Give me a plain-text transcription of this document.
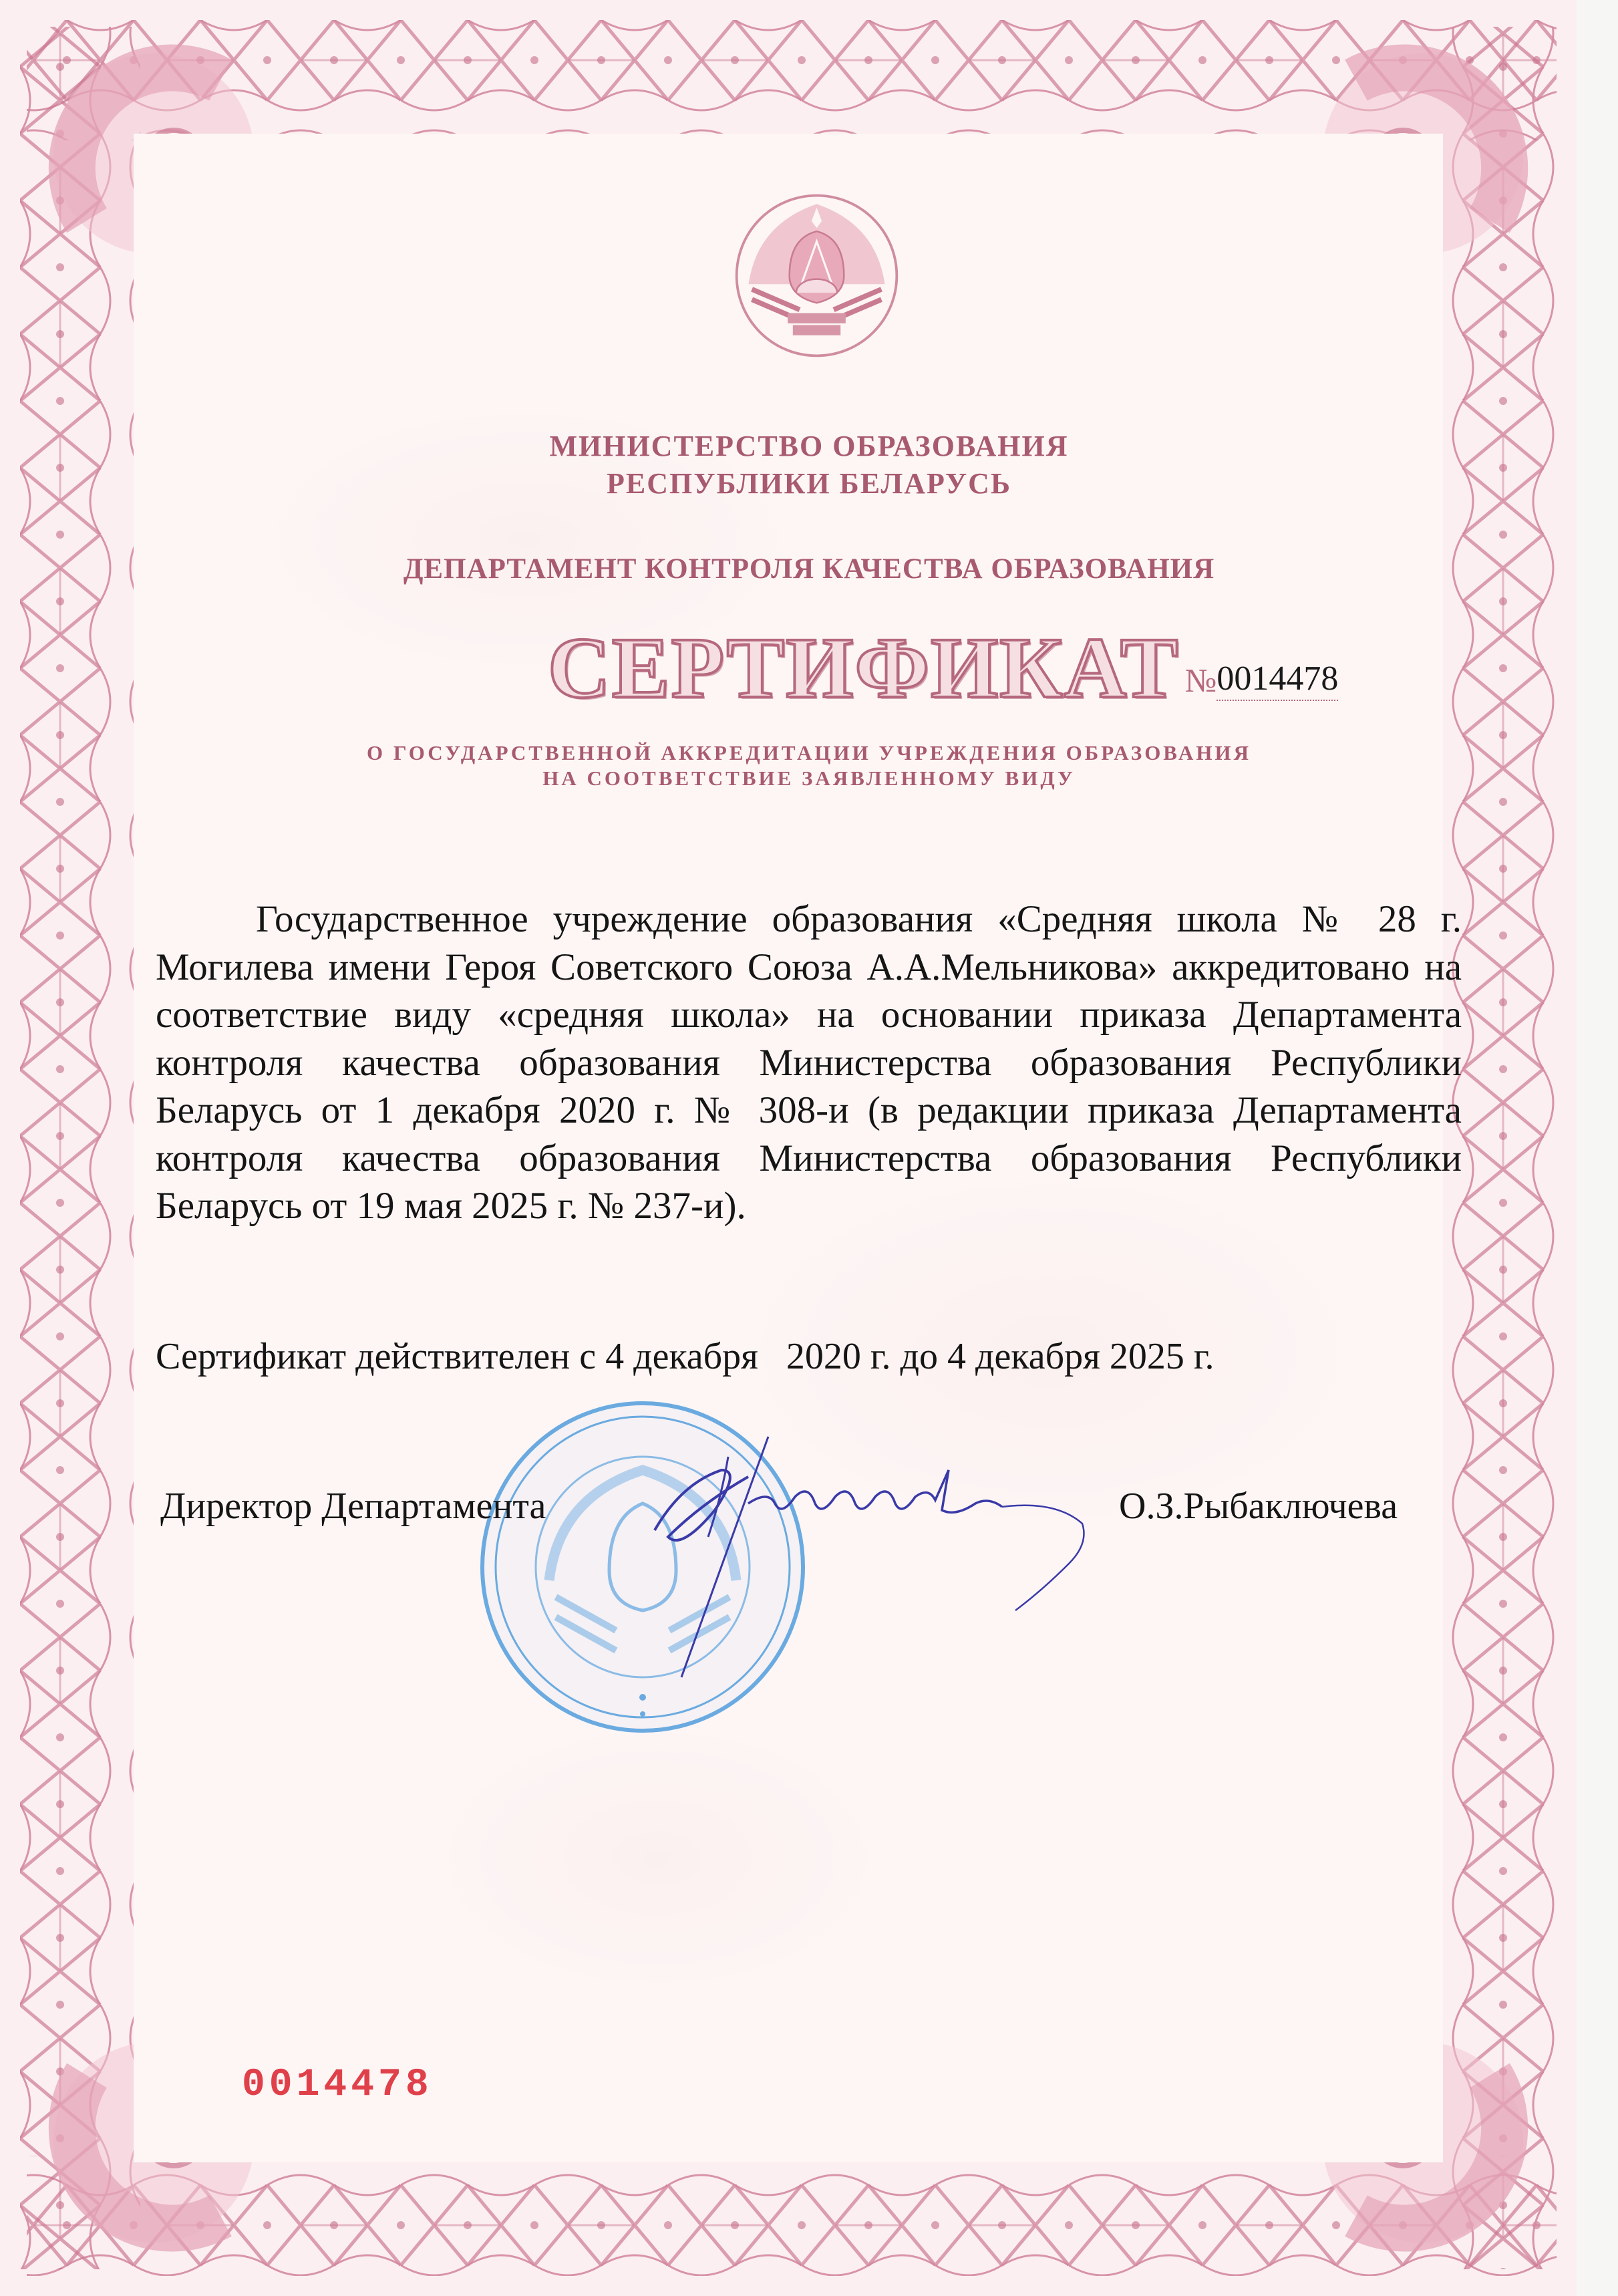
МИНИСТЕРСТВО ОБРАЗОВАНИЯ
РЕСПУБЛИКИ БЕЛАРУСЬ
ДЕПАРТАМЕНТ КОНТРОЛЯ КАЧЕСТВА ОБРАЗОВАНИЯ
СЕРТИФИКАТ № 0014478
О ГОСУДАРСТВЕННОЙ АККРЕДИТАЦИИ УЧРЕЖДЕНИЯ ОБРАЗОВАНИЯ
НА СООТВЕТСТВИЕ ЗАЯВЛЕННОМУ ВИДУ
Государственное учреждение образования «Средняя школа № 28 г. Могилева имени Героя Советского Союза А.А.Мельникова» аккредитовано на соответствие виду «средняя школа» на основании приказа Департамента контроля качества образования Министерства образования Республики Беларусь от 1 декабря 2020 г. № 308-и (в редакции приказа Департамента контроля качества образования Министерства образования Республики Беларусь от 19 мая 2025 г. № 237-и).
Сертификат действителен с 4 декабря   2020 г. до 4 декабря 2025 г.
Директор Департамента	О.З.Рыбаключева
0014478
